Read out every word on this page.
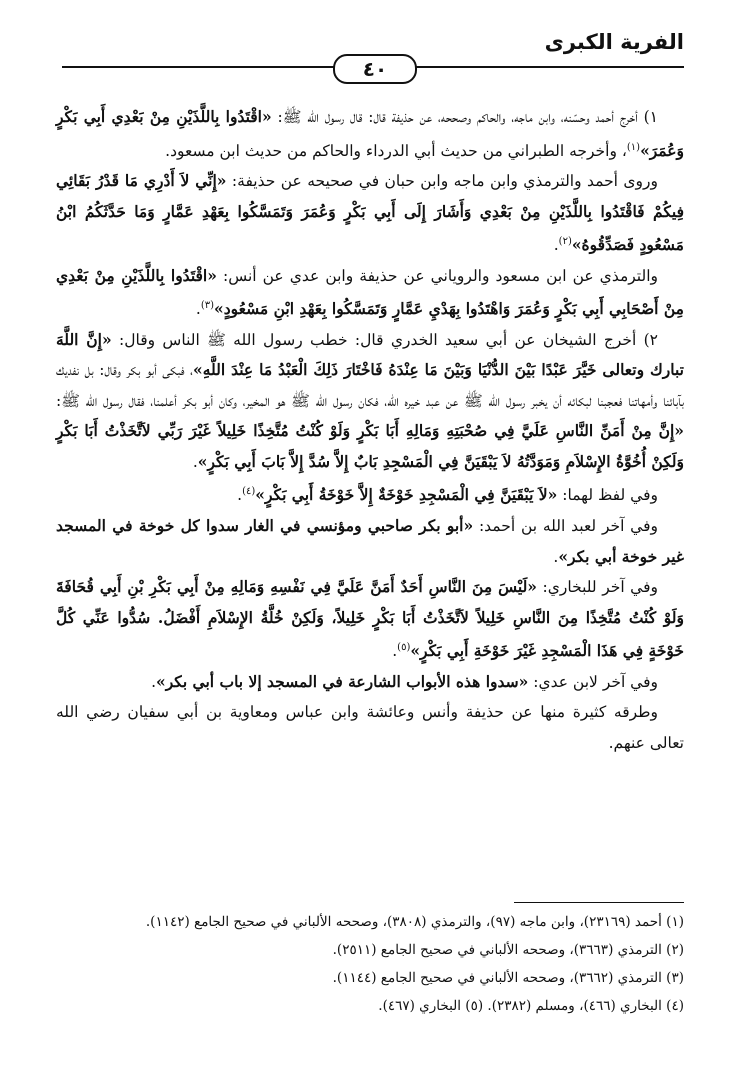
الفرية الكبرى
٤٠

١) أخرج أحمد وحسّنه، وابن ماجه، والحاكم وصححه، عن حذيفة قال: قال رسول الله ﷺ: «اقْتَدُوا بِاللَّذَيْنِ مِنْ بَعْدِي أَبِي بَكْرٍ وَعُمَرَ»$^{(١)}$، وأخرجه الطبراني من حديث أبي الدرداء والحاكم من حديث ابن مسعود.

وروى أحمد والترمذي وابن ماجه وابن حبان في صحيحه عن حذيفة: «إِنِّي لاَ أَدْرِي مَا قَدْرُ بَقَائِي فِيكُمْ فَاقْتَدُوا بِاللَّذَيْنِ مِنْ بَعْدِي وَأَشَارَ إِلَى أَبِي بَكْرٍ وَعُمَرَ وَتَمَسَّكُوا بِعَهْدِ عَمَّارٍ وَمَا حَدَّثَكُمُ ابْنُ مَسْعُودٍ فَصَدِّقُوهُ»$^{(٢)}$.

والترمذي عن ابن مسعود والروياني عن حذيفة وابن عدي عن أنس: «اقْتَدُوا بِاللَّذَيْنِ مِنْ بَعْدِي مِنْ أَصْحَابِي أَبِي بَكْرٍ وَعُمَرَ وَاهْتَدُوا بِهَدْيِ عَمَّارٍ وَتَمَسَّكُوا بِعَهْدِ ابْنِ مَسْعُودٍ»$^{(٣)}$.

٢) أخرج الشيخان عن أبي سعيد الخدري قال: خطب رسول الله ﷺ الناس وقال: «إِنَّ اللَّهَ تبارك وتعالى خَيَّرَ عَبْدًا بَيْنَ الدُّنْيَا وَبَيْنَ مَا عِنْدَهُ فَاخْتَارَ ذَلِكَ الْعَبْدُ مَا عِنْدَ اللَّهِ»، فبكى أبو بكر وقال: بل نفديك بآبائنا وأمهاتنا فعجبنا لبكائه أن يخبر رسول الله ﷺ عن عبد خيره الله، فكان رسول الله ﷺ هو المخير، وكان أبو بكر أعلمنا، فقال رسول الله ﷺ: «إِنَّ مِنْ أَمَنِّ النَّاسِ عَلَيَّ فِي صُحْبَتِهِ وَمَالِهِ أَبَا بَكْرٍ وَلَوْ كُنْتُ مُتَّخِذًا خَلِيلاً غَيْرَ رَبِّي لاَتَّخَذْتُ أَبَا بَكْرٍ وَلَكِنْ أُخُوَّةُ الإِسْلاَمِ وَمَوَدَّتُهُ لاَ يَبْقَيَنَّ فِي الْمَسْجِدِ بَابٌ إِلاَّ سُدَّ إِلاَّ بَابَ أَبِي بَكْرٍ».

وفي لفظ لهما: «لاَ يَبْقَيَنَّ فِي الْمَسْجِدِ خَوْخَةٌ إِلاَّ خَوْخَةُ أَبِي بَكْرٍ»$^{(٤)}$.

وفي آخر لعبد الله بن أحمد: «أبو بكر صاحبي ومؤنسي في الغار سدوا كل خوخة في المسجد غير خوخة أبي بكر».

وفي آخر للبخاري: «لَيْسَ مِنَ النَّاسِ أَحَدٌ أَمَنَّ عَلَيَّ فِي نَفْسِهِ وَمَالِهِ مِنْ أَبِي بَكْرِ بْنِ أَبِي قُحَافَةَ وَلَوْ كُنْتُ مُتَّخِذًا مِنَ النَّاسِ خَلِيلاً لاَتَّخَذْتُ أَبَا بَكْرٍ خَلِيلاً، وَلَكِنْ خُلَّةُ الإِسْلاَمِ أَفْضَلُ. سُدُّوا عَنِّي كُلَّ خَوْخَةٍ فِي هَذَا الْمَسْجِدِ غَيْرَ خَوْخَةِ أَبِي بَكْرٍ»$^{(٥)}$.

وفي آخر لابن عدي: «سدوا هذه الأبواب الشارعة في المسجد إلا باب أبي بكر».

وطرقه كثيرة منها عن حذيفة وأنس وعائشة وابن عباس ومعاوية بن أبي سفيان رضي الله تعالى عنهم.

(١) أحمد (٢٣١٦٩)، وابن ماجه (٩٧)، والترمذي (٣٨٠٨)، وصححه الألباني في صحيح الجامع (١١٤٢).

(٢) الترمذي (٣٦٦٣)، وصححه الألباني في صحيح الجامع (٢٥١١).

(٣) الترمذي (٣٦٦٢)، وصححه الألباني في صحيح الجامع (١١٤٤).

(٤) البخاري (٤٦٦)، ومسلم (٢٣٨٢). (٥) البخاري (٤٦٧).
